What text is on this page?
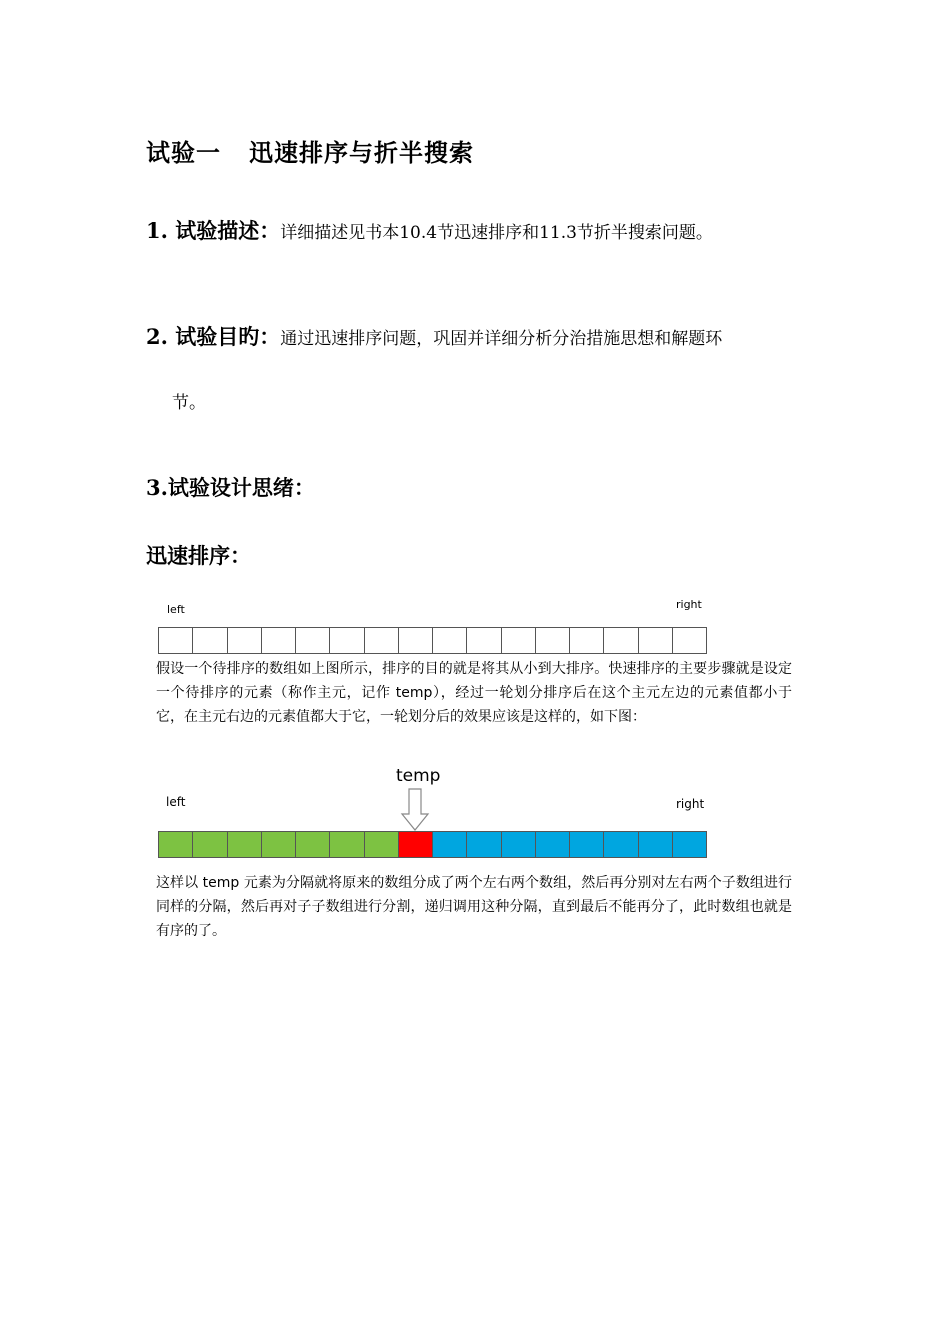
试验一 迅速排序与折半搜索
1. 试验描述：详细描述见书本10.4节迅速排序和11.3节折半搜索问题。
2. 试验目旳：通过迅速排序问题，巩固并详细分析分治措施思想和解题环
节。
3.试验设计思绪：
迅速排序：
left	right
假设一个待排序的数组如上图所示，排序的目的就是将其从小到大排序。快速排序的主要步骤就是设定一个待排序的元素（称作主元，记作 temp），经过一轮划分排序后在这个主元左边的元素值都小于它，在主元右边的元素值都大于它，一轮划分后的效果应该是这样的，如下图：
temp
left	right
这样以 temp 元素为分隔就将原来的数组分成了两个左右两个数组，然后再分别对左右两个子数组进行同样的分隔，然后再对子子数组进行分割，递归调用这种分隔，直到最后不能再分了，此时数组也就是有序的了。
